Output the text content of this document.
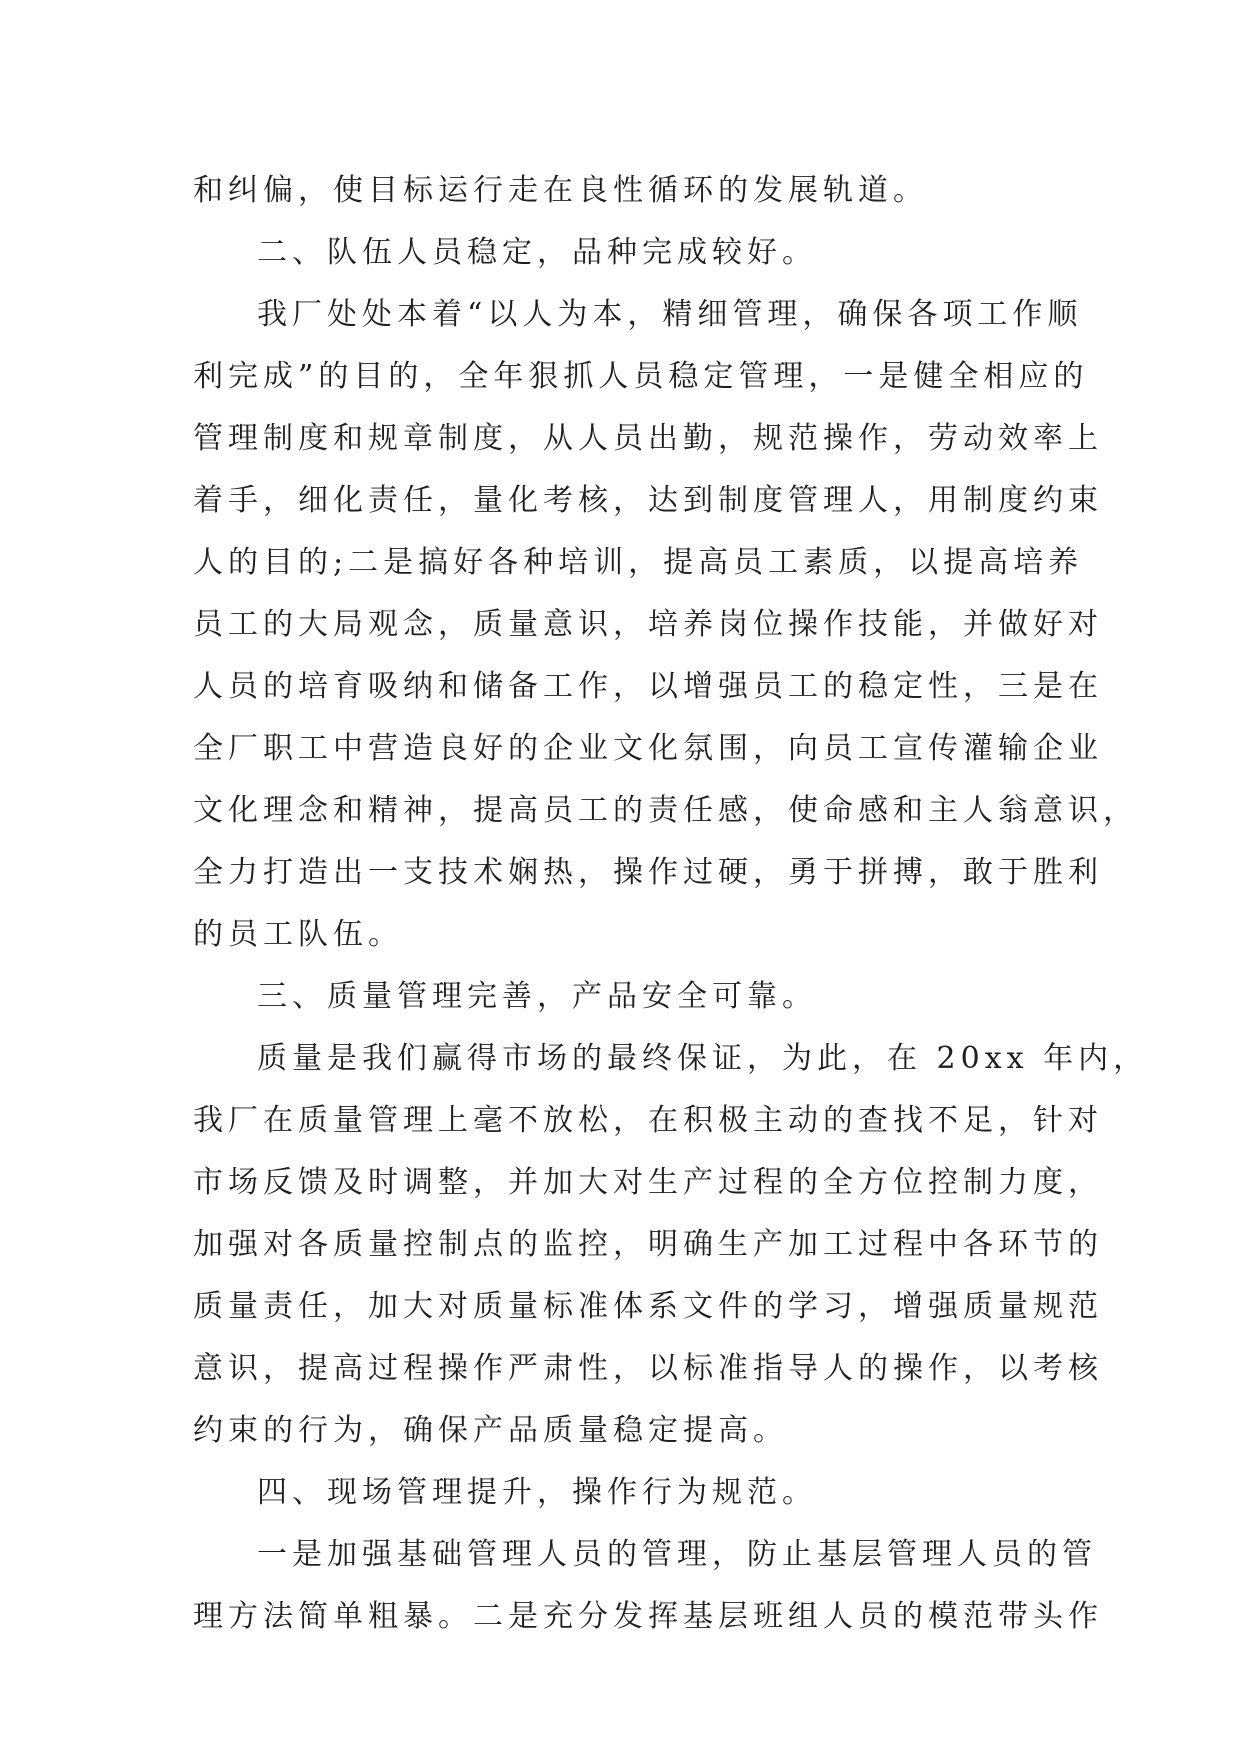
和纠偏，使目标运行走在良性循环的发展轨道。
二、队伍人员稳定，品种完成较好。
我厂处处本着“以人为本，精细管理，确保各项工作顺
利完成”的目的，全年狠抓人员稳定管理，一是健全相应的
管理制度和规章制度，从人员出勤，规范操作，劳动效率上
着手，细化责任，量化考核，达到制度管理人，用制度约束
人的目的;二是搞好各种培训，提高员工素质，以提高培养
员工的大局观念，质量意识，培养岗位操作技能，并做好对
人员的培育吸纳和储备工作，以增强员工的稳定性，三是在
全厂职工中营造良好的企业文化氛围，向员工宣传灌输企业
文化理念和精神，提高员工的责任感，使命感和主人翁意识，
全力打造出一支技术娴热，操作过硬，勇于拼搏，敢于胜利
的员工队伍。
三、质量管理完善，产品安全可靠。
质量是我们赢得市场的最终保证，为此，在 20xx 年内，
我厂在质量管理上毫不放松，在积极主动的查找不足，针对
市场反馈及时调整，并加大对生产过程的全方位控制力度，
加强对各质量控制点的监控，明确生产加工过程中各环节的
质量责任，加大对质量标准体系文件的学习，增强质量规范
意识，提高过程操作严肃性，以标准指导人的操作，以考核
约束的行为，确保产品质量稳定提高。
四、现场管理提升，操作行为规范。
一是加强基础管理人员的管理，防止基层管理人员的管
理方法简单粗暴。二是充分发挥基层班组人员的模范带头作
